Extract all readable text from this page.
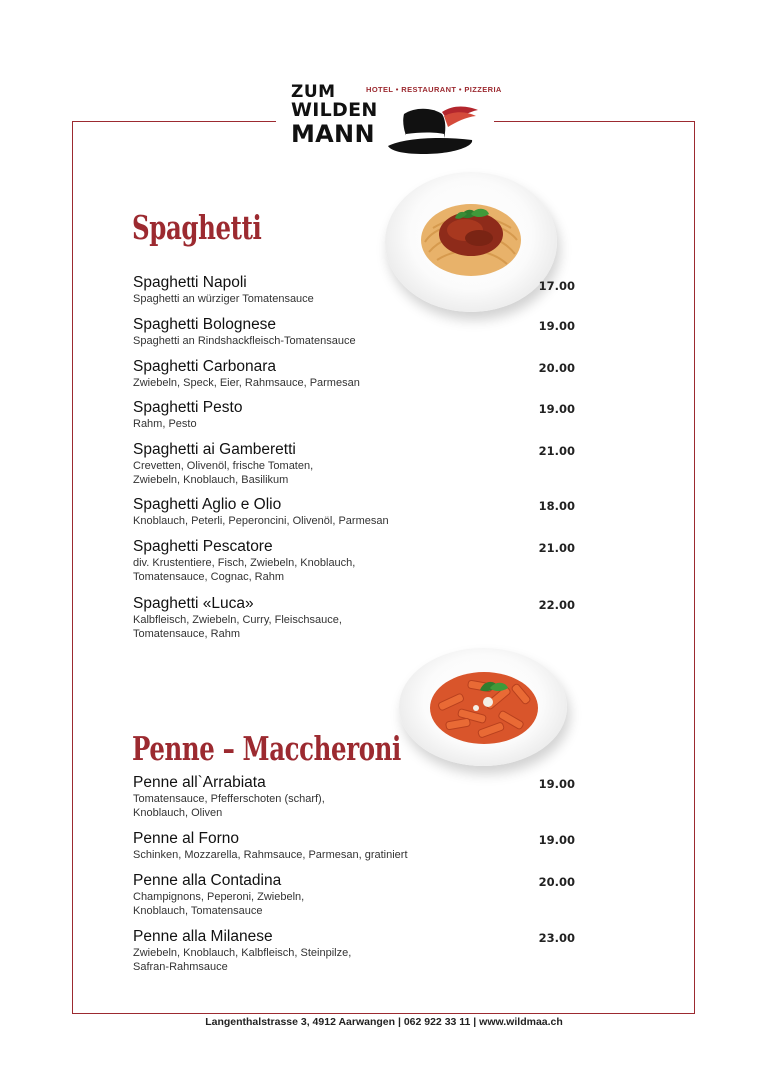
HOTEL • RESTAURANT • PIZZERIA
ZUM
WILDEN
MANN
Spaghetti
Penne – Maccheroni
Spaghetti Napoli
Spaghetti an würziger Tomatensauce
17.00
Spaghetti Bolognese
Spaghetti an Rindshackfleisch-Tomatensauce
19.00
Spaghetti Carbonara
Zwiebeln, Speck, Eier, Rahmsauce, Parmesan
20.00
Spaghetti Pesto
Rahm, Pesto
19.00
Spaghetti ai Gamberetti
Crevetten, Olivenöl, frische Tomaten,
Zwiebeln, Knoblauch, Basilikum
21.00
Spaghetti Aglio e Olio
Knoblauch, Peterli, Peperoncini, Olivenöl, Parmesan
18.00
Spaghetti Pescatore
div. Krustentiere, Fisch, Zwiebeln, Knoblauch,
Tomatensauce, Cognac, Rahm
21.00
Spaghetti «Luca»
Kalbfleisch, Zwiebeln, Curry, Fleischsauce,
Tomatensauce, Rahm
22.00
Penne all`Arrabiata
Tomatensauce, Pfefferschoten (scharf),
Knoblauch, Oliven
19.00
Penne al Forno
Schinken, Mozzarella, Rahmsauce, Parmesan, gratiniert
19.00
Penne alla Contadina
Champignons, Peperoni, Zwiebeln,
Knoblauch, Tomatensauce
20.00
Penne alla Milanese
Zwiebeln, Knoblauch, Kalbfleisch, Steinpilze,
Safran-Rahmsauce
23.00
Langenthalstrasse 3, 4912 Aarwangen | 062 922 33 11 | www.wildmaa.ch
